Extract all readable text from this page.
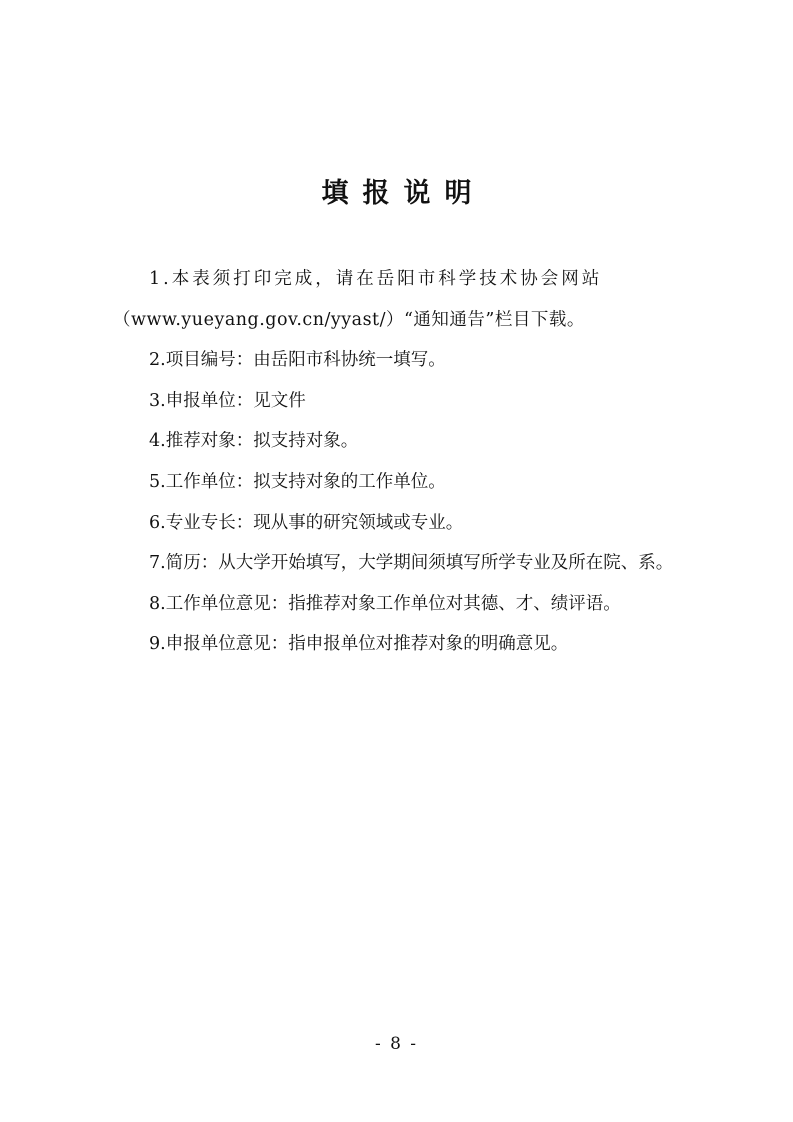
填报说明

1.本表须打印完成，请在岳阳市科学技术协会网站

（www.yueyang.gov.cn/yyast/）“通知通告”栏目下载。

2.项目编号：由岳阳市科协统一填写。

3.申报单位：见文件

4.推荐对象：拟支持对象。

5.工作单位：拟支持对象的工作单位。

6.专业专长：现从事的研究领域或专业。

7.简历：从大学开始填写，大学期间须填写所学专业及所在院、系。

8.工作单位意见：指推荐对象工作单位对其德、才、绩评语。

9.申报单位意见：指申报单位对推荐对象的明确意见。

- 8 -
